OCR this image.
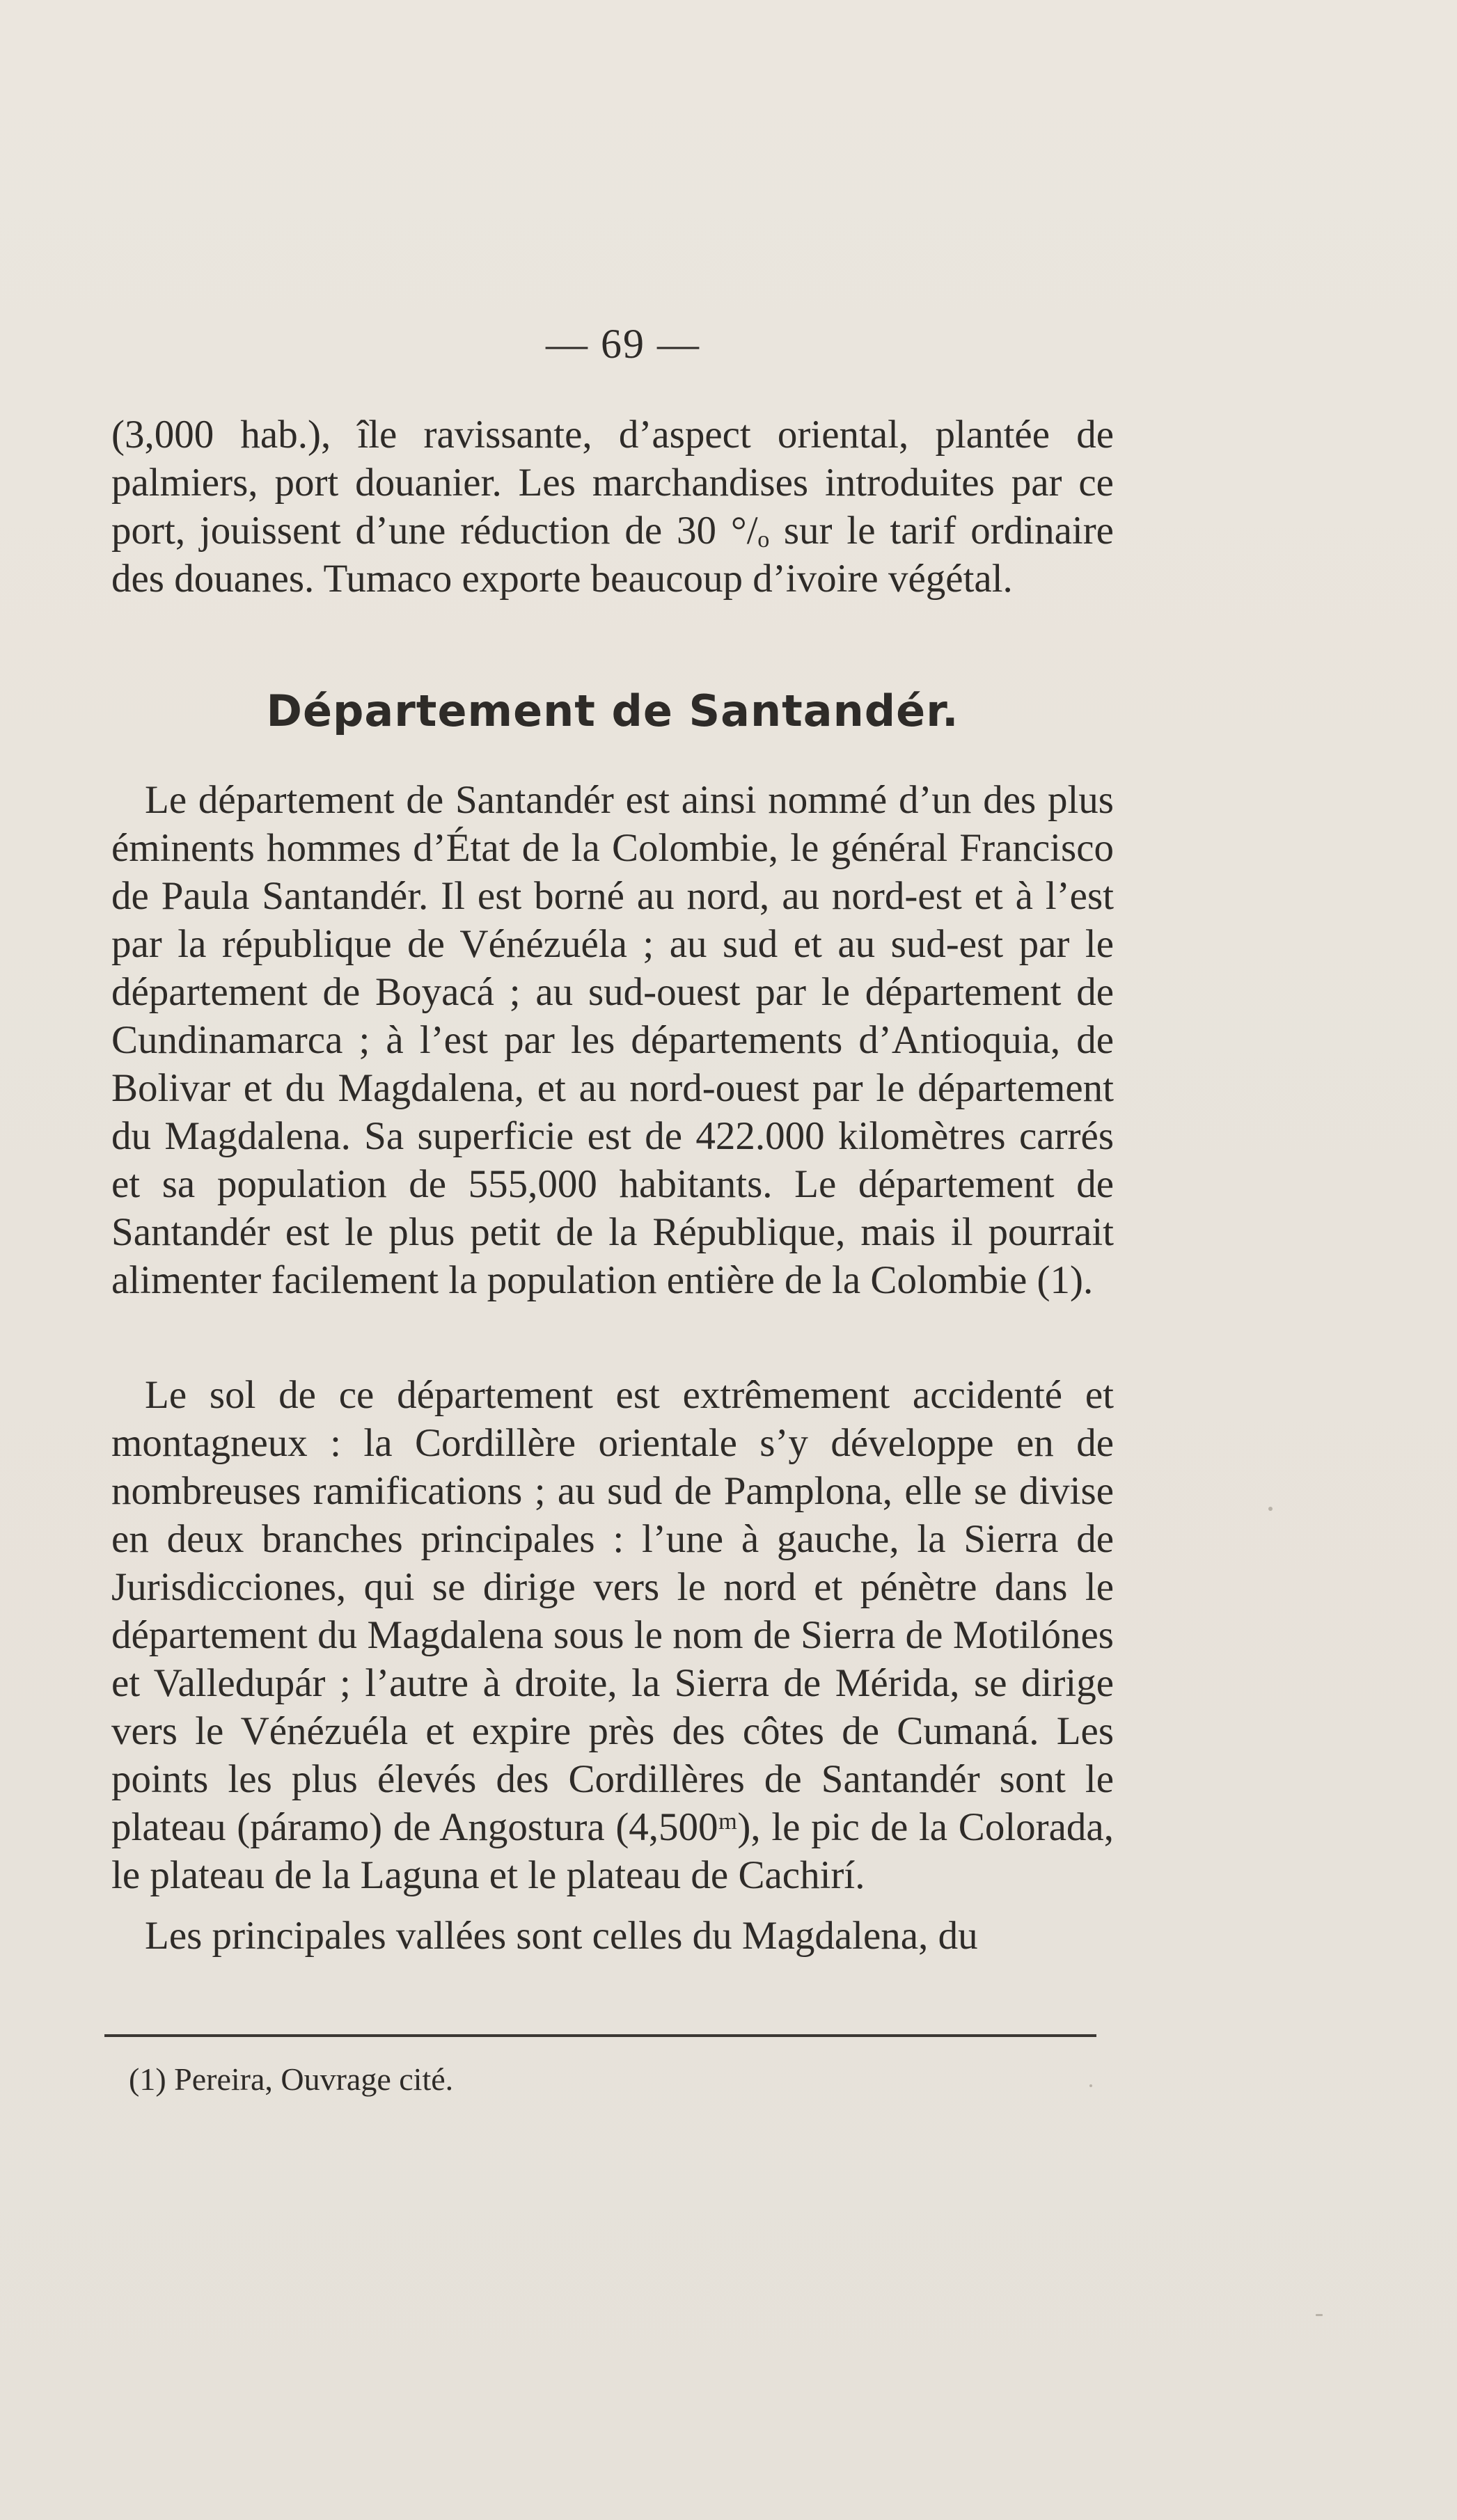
— 69 —
(3,000 hab.), île ravissante, d’aspect oriental, plantée de palmiers, port douanier. Les marchandises introduites par ce port, jouissent d’une réduction de 30 °/ₒ sur le tarif ordinaire des douanes. Tumaco exporte beaucoup d’ivoire végétal.
Département de Santandér.
Le département de Santandér est ainsi nommé d’un des plus éminents hommes d’État de la Colombie, le général Francisco de Paula Santandér. Il est borné au nord, au nord-est et à l’est par la république de Vénézuéla ; au sud et au sud-est par le département de Boyacá ; au sud-ouest par le département de Cundinamarca ; à l’est par les départements d’Antioquia, de Bolivar et du Magdalena, et au nord-ouest par le département du Magdalena. Sa superficie est de 422.000 kilomètres carrés et sa population de 555,000 habitants. Le département de Santandér est le plus petit de la République, mais il pourrait alimenter facilement la population entière de la Colombie (1).
Le sol de ce département est extrêmement accidenté et montagneux : la Cordillère orientale s’y développe en de nombreuses ramifications ; au sud de Pamplona, elle se divise en deux branches principales : l’une à gauche, la Sierra de Jurisdicciones, qui se dirige vers le nord et pénètre dans le département du Magdalena sous le nom de Sierra de Motilónes et Valledupár ; l’autre à droite, la Sierra de Mérida, se dirige vers le Vénézuéla et expire près des côtes de Cumaná. Les points les plus élevés des Cordillères de Santandér sont le plateau (páramo) de Angostura (4,500ᵐ), le pic de la Colorada, le plateau de la Laguna et le plateau de Cachirí.
Les principales vallées sont celles du Magdalena, du
(1) Pereira, Ouvrage cité.
